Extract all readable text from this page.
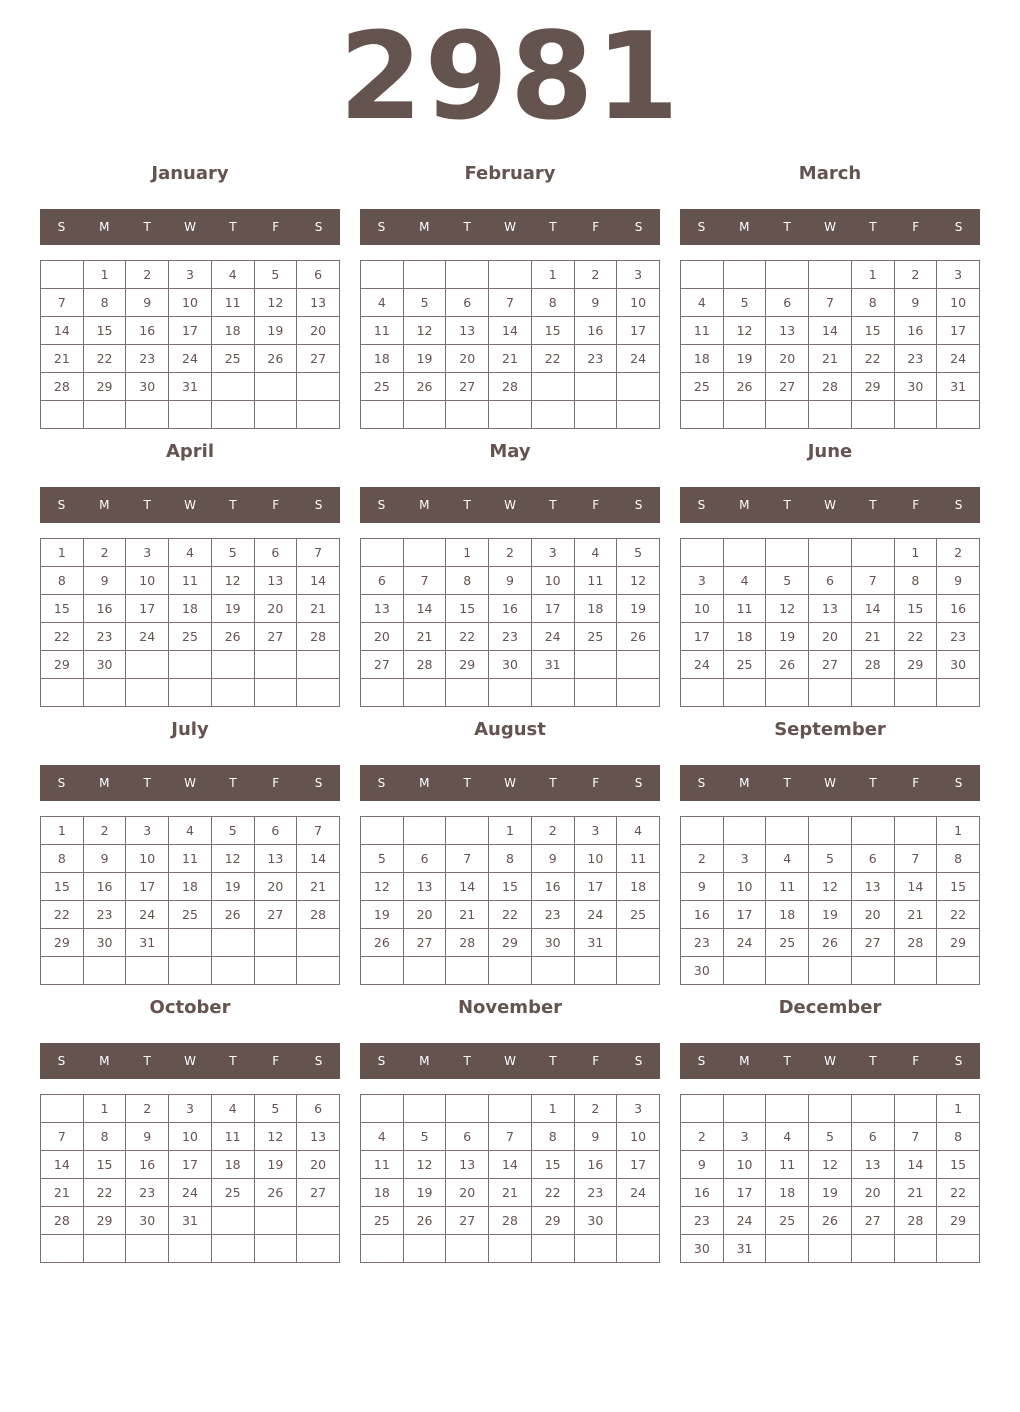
2981
January
S	M	T	W	T	F	S
	1	2	3	4	5	6
7	8	9	10	11	12	13
14	15	16	17	18	19	20
21	22	23	24	25	26	27
28	29	30	31			

February
S	M	T	W	T	F	S
				1	2	3
4	5	6	7	8	9	10
11	12	13	14	15	16	17
18	19	20	21	22	23	24
25	26	27	28			

March
S	M	T	W	T	F	S
				1	2	3
4	5	6	7	8	9	10
11	12	13	14	15	16	17
18	19	20	21	22	23	24
25	26	27	28	29	30	31

April
S	M	T	W	T	F	S
1	2	3	4	5	6	7
8	9	10	11	12	13	14
15	16	17	18	19	20	21
22	23	24	25	26	27	28
29	30					

May
S	M	T	W	T	F	S
		1	2	3	4	5
6	7	8	9	10	11	12
13	14	15	16	17	18	19
20	21	22	23	24	25	26
27	28	29	30	31		

June
S	M	T	W	T	F	S
					1	2
3	4	5	6	7	8	9
10	11	12	13	14	15	16
17	18	19	20	21	22	23
24	25	26	27	28	29	30

July
S	M	T	W	T	F	S
1	2	3	4	5	6	7
8	9	10	11	12	13	14
15	16	17	18	19	20	21
22	23	24	25	26	27	28
29	30	31				

August
S	M	T	W	T	F	S
			1	2	3	4
5	6	7	8	9	10	11
12	13	14	15	16	17	18
19	20	21	22	23	24	25
26	27	28	29	30	31	

September
S	M	T	W	T	F	S
						1
2	3	4	5	6	7	8
9	10	11	12	13	14	15
16	17	18	19	20	21	22
23	24	25	26	27	28	29
30						
October
S	M	T	W	T	F	S
	1	2	3	4	5	6
7	8	9	10	11	12	13
14	15	16	17	18	19	20
21	22	23	24	25	26	27
28	29	30	31			

November
S	M	T	W	T	F	S
				1	2	3
4	5	6	7	8	9	10
11	12	13	14	15	16	17
18	19	20	21	22	23	24
25	26	27	28	29	30	

December
S	M	T	W	T	F	S
						1
2	3	4	5	6	7	8
9	10	11	12	13	14	15
16	17	18	19	20	21	22
23	24	25	26	27	28	29
30	31					
